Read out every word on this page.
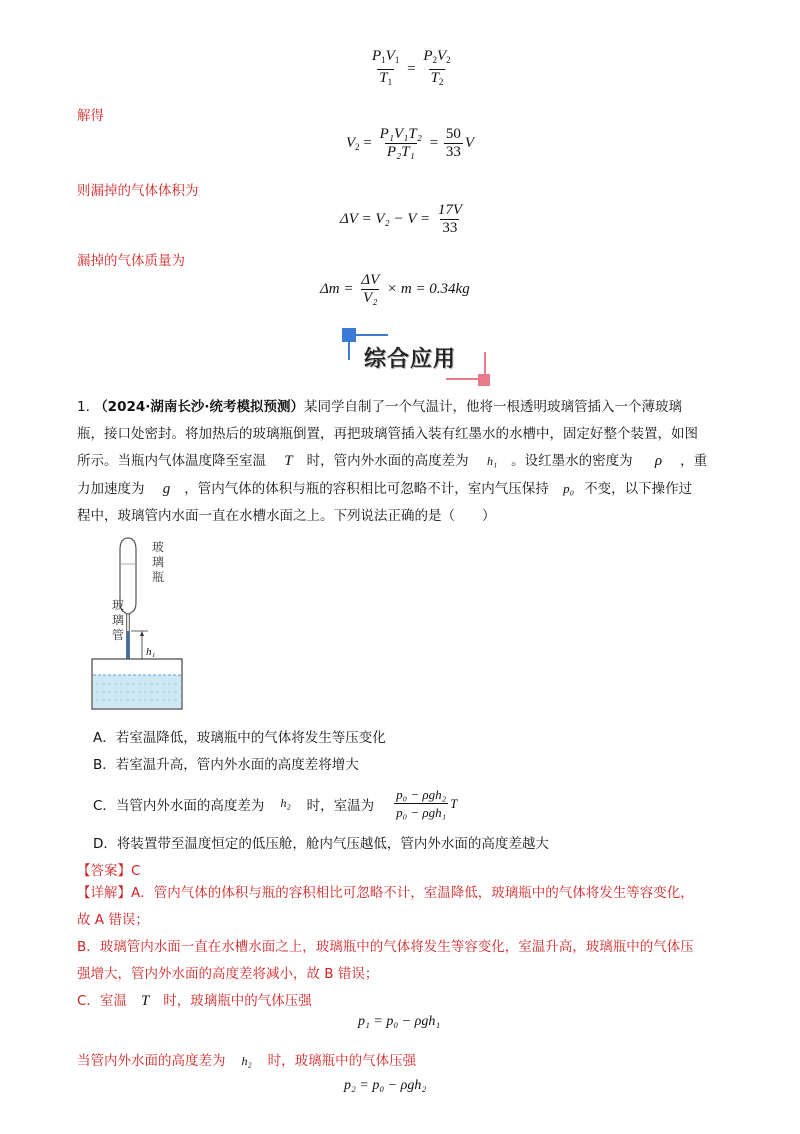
$\frac{P_1V_1}{T_1} = \frac{P_2V_2}{T_2}$
解得
$V_2 = \frac{\text{P₁V₁T₂}}{\text{P₂T₁}} = \frac{50}{33}$ V
则漏掉的气体体积为
$\Delta V = V_2 - V = \frac{17V}{33}$
漏掉的气体质量为
$\Delta m = \frac{\Delta V}{\text{V₂}} \times m = 0.34kg$
综合应用
1. （2024·湖南长沙·统考模拟预测）某同学自制了一个气温计，他将一根透明玻璃管插入一个薄玻璃
瓶，接口处密封。将加热后的玻璃瓶倒置，再把玻璃管插入装有红墨水的水槽中，固定好整个装置，如图
所示。当瓶内气体温度降至室温 T 时，管内外水面的高度差为 h₁ 。设红墨水的密度为 ρ ，重
力加速度为 g ，管内气体的体积与瓶的容积相比可忽略不计，室内气压保持 p₀ 不变，以下操作过
程中，玻璃管内水面一直在水槽水面之上。下列说法正确的是（　　）
玻璃瓶
玻璃管
h₁
A．若室温降低，玻璃瓶中的气体将发生等压变化
B．若室温升高，管内外水面的高度差将增大
C．当管内外水面的高度差为 h₂ 时，室温为 $\frac{\text{p₀ − ρgh₂}}{\text{p₀ − ρgh₁}}$ T
D．将装置带至温度恒定的低压舱，舱内气压越低，管内外水面的高度差越大
【答案】C
【详解】A．管内气体的体积与瓶的容积相比可忽略不计，室温降低，玻璃瓶中的气体将发生等容变化，
故 A 错误；
B．玻璃管内水面一直在水槽水面之上，玻璃瓶中的气体将发生等容变化，室温升高，玻璃瓶中的气体压
强增大，管内外水面的高度差将减小，故 B 错误；
C．室温 T 时，玻璃瓶中的气体压强
p₁ = p₀ − ρgh₁
当管内外水面的高度差为 h₂ 时，玻璃瓶中的气体压强
p₂ = p₀ − ρgh₂
